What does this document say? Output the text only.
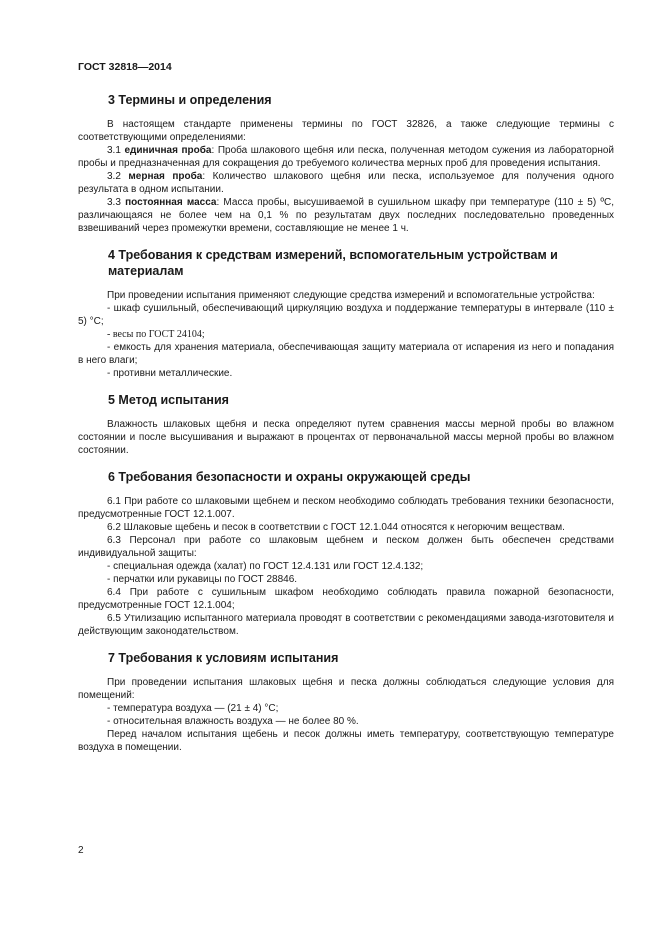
ГОСТ 32818—2014
3 Термины и определения

В настоящем стандарте применены термины по ГОСТ 32826, а также следующие термины с соответствующими определениями:

3.1 единичная проба: Проба шлакового щебня или песка, полученная методом сужения из лабораторной пробы и предназначенная для сокращения до требуемого количества мерных проб для проведения испытания.

3.2 мерная проба: Количество шлакового щебня или песка, используемое для получения одного результата в одном испытании.

3.3 постоянная масса: Масса пробы, высушиваемой в сушильном шкафу при температуре (110 ± 5) ºС, различающаяся не более чем на 0,1 % по результатам двух последних последовательно проведенных взвешиваний через промежутки времени, составляющие не менее 1 ч.

4 Требования к средствам измерений, вспомогательным устройствам и материалам

При проведении испытания применяют следующие средства измерений и вспомогательные устройства:

- шкаф сушильный, обеспечивающий циркуляцию воздуха и поддержание температуры в интервале (110 ± 5) °С;

- весы по ГОСТ 24104;

- емкость для хранения материала, обеспечивающая защиту материала от испарения из него и попадания в него влаги;

- противни металлические.

5 Метод испытания

Влажность шлаковых щебня и песка определяют путем сравнения массы мерной пробы во влажном состоянии и после высушивания и выражают в процентах от первоначальной массы мерной пробы во влажном состоянии.

6 Требования безопасности и охраны окружающей среды

6.1 При работе со шлаковыми щебнем и песком необходимо соблюдать требования техники безопасности, предусмотренные ГОСТ 12.1.007.

6.2 Шлаковые щебень и песок в соответствии с ГОСТ 12.1.044 относятся к негорючим веществам.

6.3 Персонал при работе со шлаковым щебнем и песком должен быть обеспечен средствами индивидуальной защиты:

- специальная одежда (халат) по ГОСТ 12.4.131 или ГОСТ 12.4.132;

- перчатки или рукавицы по ГОСТ 28846.

6.4 При работе с сушильным шкафом необходимо соблюдать правила пожарной безопасности, предусмотренные ГОСТ 12.1.004;

6.5 Утилизацию испытанного материала проводят в соответствии с рекомендациями завода-изготовителя и действующим законодательством.

7 Требования к условиям испытания

При проведении испытания шлаковых щебня и песка должны соблюдаться следующие условия для помещений:

- температура воздуха — (21 ± 4) °С;

- относительная влажность воздуха — не более 80 %.

Перед началом испытания щебень и песок должны иметь температуру, соответствующую температуре воздуха в помещении.

2
